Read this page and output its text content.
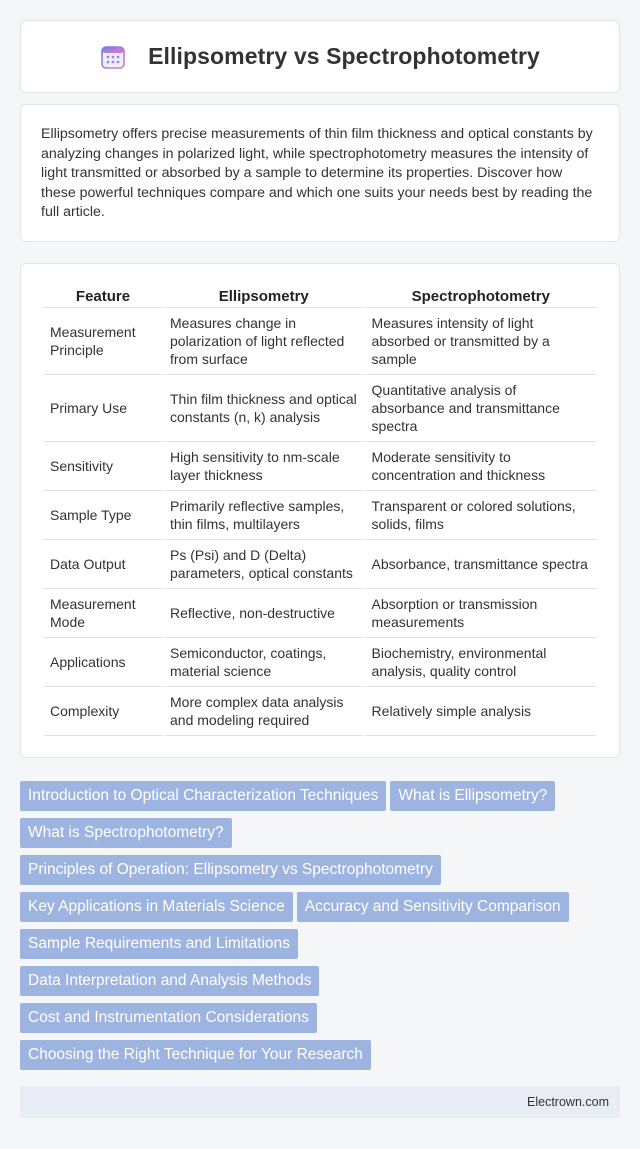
Ellipsometry vs Spectrophotometry

Ellipsometry offers precise measurements of thin film thickness and optical constants by analyzing changes in polarized light, while spectrophotometry measures the intensity of light transmitted or absorbed by a sample to determine its properties. Discover how these powerful techniques compare and which one suits your needs best by reading the full article.

Feature	Ellipsometry	Spectrophotometry
Measurement Principle	Measures change in polarization of light reflected from surface	Measures intensity of light absorbed or transmitted by a sample
Primary Use	Thin film thickness and optical constants (n, k) analysis	Quantitative analysis of absorbance and transmittance spectra
Sensitivity	High sensitivity to nm-scale layer thickness	Moderate sensitivity to concentration and thickness
Sample Type	Primarily reflective samples, thin films, multilayers	Transparent or colored solutions, solids, films
Data Output	Ps (Psi) and D (Delta) parameters, optical constants	Absorbance, transmittance spectra
Measurement Mode	Reflective, non-destructive	Absorption or transmission measurements
Applications	Semiconductor, coatings, material science	Biochemistry, environmental analysis, quality control
Complexity	More complex data analysis and modeling required	Relatively simple analysis
Introduction to Optical Characterization Techniques What is Ellipsometry?
What is Spectrophotometry?
Principles of Operation: Ellipsometry vs Spectrophotometry
Key Applications in Materials Science Accuracy and Sensitivity Comparison
Sample Requirements and Limitations
Data Interpretation and Analysis Methods
Cost and Instrumentation Considerations
Choosing the Right Technique for Your Research
Electrown.com
